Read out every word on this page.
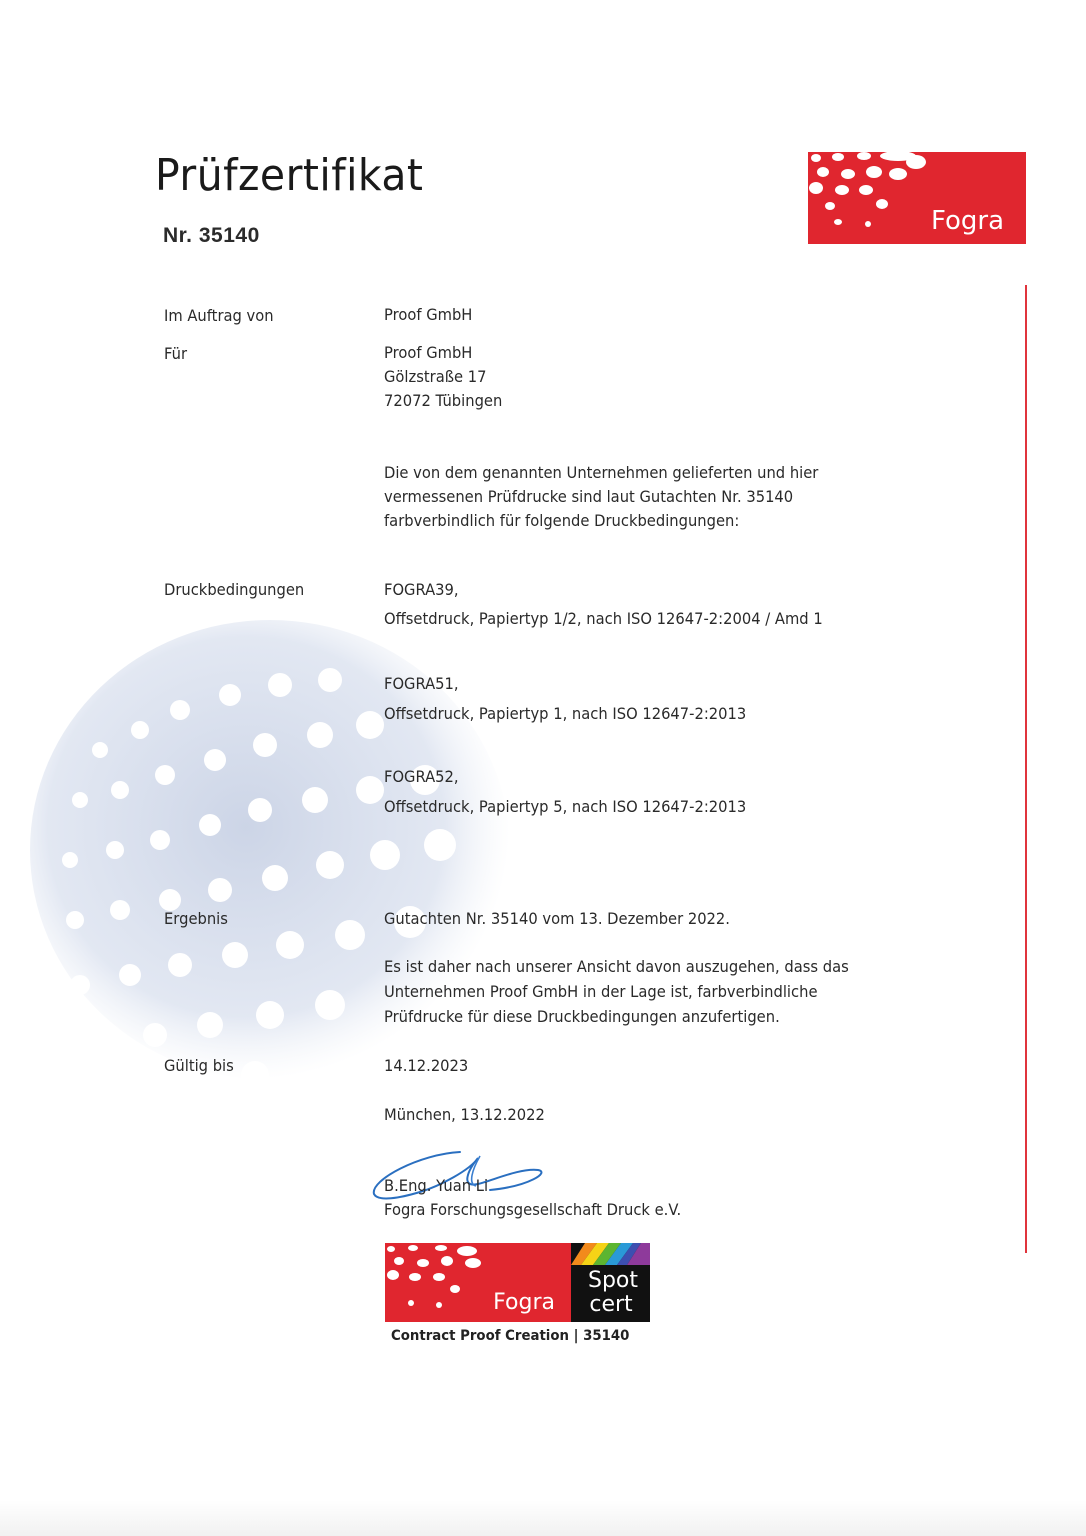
Prüfzertifikat
Nr. 35140	Fogra
Im Auftrag von	Proof GmbH
Für	Proof GmbH
Gölzstraße 17
72072 Tübingen
Die von dem genannten Unternehmen gelieferten und hier
vermessenen Prüfdrucke sind laut Gutachten Nr. 35140
farbverbindlich für folgende Druckbedingungen:
Druckbedingungen	FOGRA39,
Offsetdruck, Papiertyp 1/2, nach ISO 12647-2:2004 / Amd 1
FOGRA51,
Offsetdruck, Papiertyp 1, nach ISO 12647-2:2013
FOGRA52,
Offsetdruck, Papiertyp 5, nach ISO 12647-2:2013
Ergebnis	Gutachten Nr. 35140 vom 13. Dezember 2022.
Es ist daher nach unserer Ansicht davon auszugehen, dass das
Unternehmen Proof GmbH in der Lage ist, farbverbindliche
Prüfdrucke für diese Druckbedingungen anzufertigen.
Gültig bis	14.12.2023
München, 13.12.2022
B.Eng. Yuan Li
Fogra Forschungsgesellschaft Druck e.V.
Fogra
Spot
cert
Contract Proof Creation | 35140
